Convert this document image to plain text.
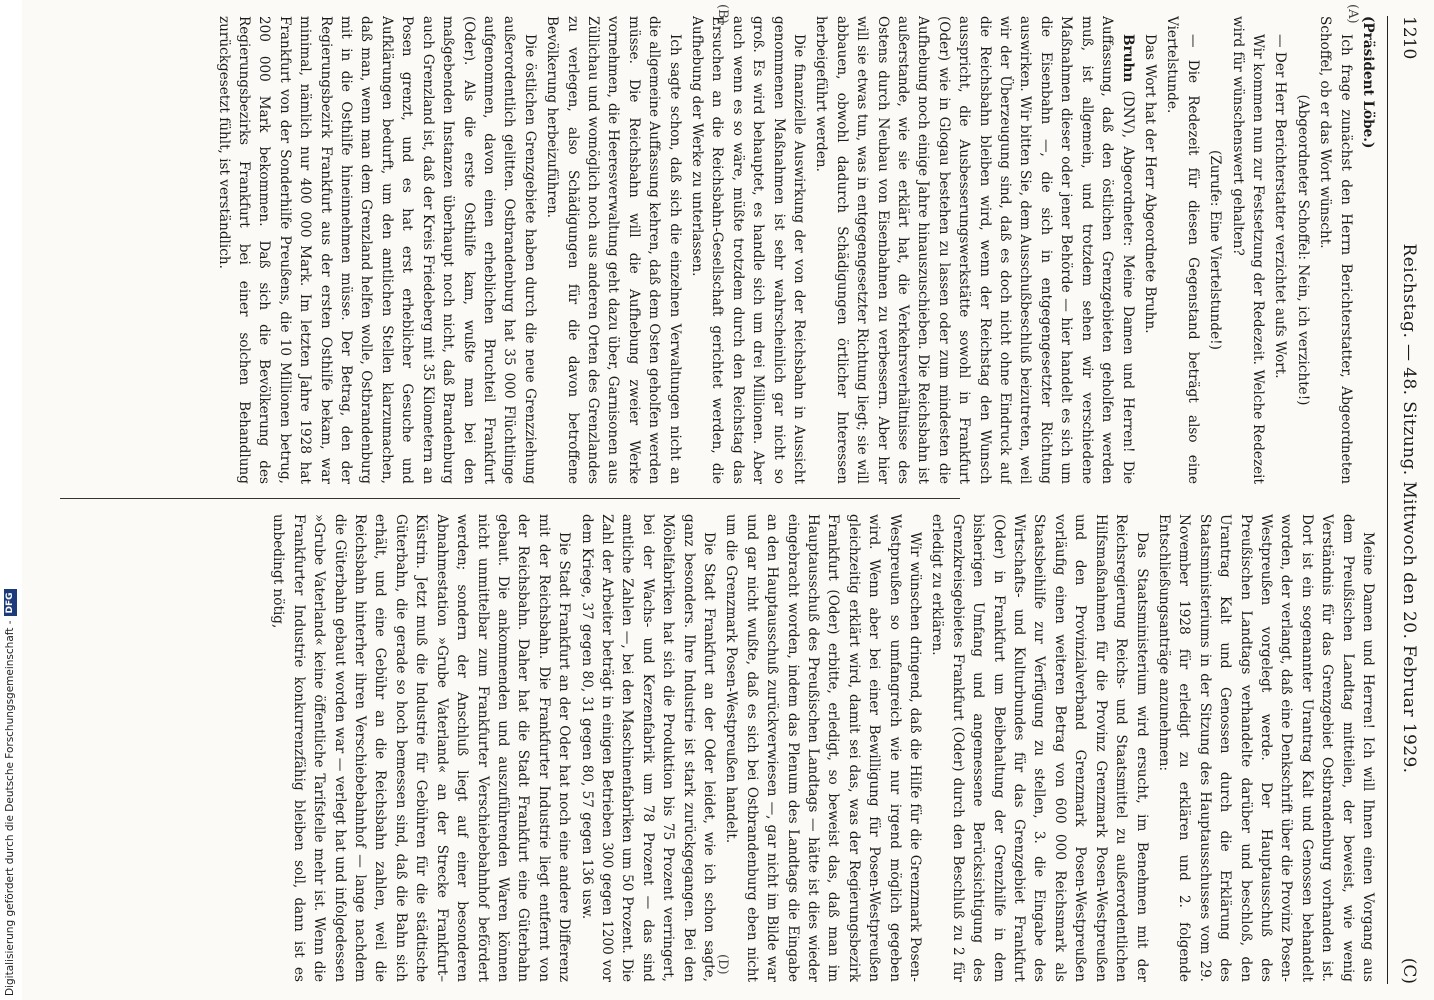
Digitalisierung gefördert durch die Deutsche Forschungsgemeinschaft -
DFG
1210
Reichstag. — 48. Sitzung. Mittwoch den 20. Februar 1929.
(C)
(A)
(B)
(D)

(Präsident Löbe.)

Ich frage zunächst den Herrn Berichterstatter, Abgeordneten Schoffel, ob er das Wort wünscht.

(Abgeordneter Schoffel: Nein, ich verzichte!)

— Der Herr Berichterstatter verzichtet aufs Wort.

Wir kommen nun zur Festsetzung der Redezeit. Welche Redezeit wird für wünschenswert gehalten?

(Zurufe: Eine Viertelstunde!)

— Die Redezeit für diesen Gegenstand beträgt also eine Viertelstunde.

Das Wort hat der Herr Abgeordnete Bruhn.

Bruhn (DNV), Abgeordneter: Meine Damen und Herren! Die Auffassung, daß den östlichen Grenzgebieten geholfen werden muß, ist allgemein, und trotzdem sehen wir verschiedene Maßnahmen dieser oder jener Behörde — hier handelt es sich um die Eisenbahn —, die sich in entgegengesetzter Richtung auswirken. Wir bitten Sie, dem Ausschußbeschluß beizutreten, weil wir der Überzeugung sind, daß es doch nicht ohne Eindruck auf die Reichsbahn bleiben wird, wenn der Reichstag den Wunsch ausspricht, die Ausbesserungswerkstätte sowohl in Frankfurt (Oder) wie in Glogau bestehen zu lassen oder zum mindesten die Aufhebung noch einige Jahre hinauszuschieben. Die Reichsbahn ist außerstande, wie sie erklärt hat, die Verkehrsverhältnisse des Ostens durch Neubau von Eisenbahnen zu verbessern. Aber hier will sie etwas tun, was in entgegengesetzter Richtung liegt; sie will abbauen, obwohl dadurch Schädigungen örtlicher Interessen herbeigeführt werden.

Die finanzielle Auswirkung der von der Reichsbahn in Aussicht genommenen Maßnahmen ist sehr wahrscheinlich gar nicht so groß. Es wird behauptet, es handle sich um drei Millionen. Aber auch wenn es so wäre, müßte trotzdem durch den Reichstag das Ersuchen an die Reichsbahn-Gesellschaft gerichtet werden, die Aufhebung der Werke zu unterlassen.

Ich sagte schon, daß sich die einzelnen Verwaltungen nicht an die allgemeine Auffassung kehren, daß dem Osten geholfen werden müsse. Die Reichsbahn will die Aufhebung zweier Werke vornehmen, die Heeresverwaltung geht dazu über, Garnisonen aus Züllichau und womöglich noch aus anderen Orten des Grenzlandes zu verlegen, also Schädigungen für die davon betroffene Bevölkerung herbeizuführen.

Die östlichen Grenzgebiete haben durch die neue Grenzziehung außerordentlich gelitten. Ostbrandenburg hat 35 000 Flüchtlinge aufgenommen, davon einen erheblichen Bruchteil Frankfurt (Oder). Als die erste Osthilfe kam, wußte man bei den maßgebenden Instanzen überhaupt noch nicht, daß Brandenburg auch Grenzland ist, daß der Kreis Friedeberg mit 35 Kilometern an Posen grenzt, und es hat erst erheblicher Gesuche und Aufklärungen bedurft, um den amtlichen Stellen klarzumachen, daß man, wenn man dem Grenzland helfen wolle, Ostbrandenburg mit in die Osthilfe hineinnehmen müsse. Der Betrag, den der Regierungsbezirk Frankfurt aus der ersten Osthilfe bekam, war minimal, nämlich nur 400 000 Mark. Im letzten Jahre 1928 hat Frankfurt von der Sonderhilfe Preußens, die 10 Millionen betrug, 200 000 Mark bekommen. Daß sich die Bevölkerung des Regierungsbezirks Frankfurt bei einer solchen Behandlung zurückgesetzt fühlt, ist verständlich.

Meine Damen und Herren! Ich will Ihnen einen Vorgang aus dem Preußischen Landtag mitteilen, der beweist, wie wenig Verständnis für das Grenzgebiet Ostbrandenburg vorhanden ist. Dort ist ein sogenannter Urantrag Kalt und Genossen behandelt worden, der verlangt, daß eine Denkschrift über die Provinz Posen-Westpreußen vorgelegt werde. Der Hauptausschuß des Preußischen Landtags verhandelte darüber und beschloß, den Urantrag Kalt und Genossen durch die Erklärung des Staatsministeriums in der Sitzung des Hauptausschusses vom 29. November 1928 für erledigt zu erklären und 2. folgende Entschließungsanträge anzunehmen:

Das Staatsministerium wird ersucht, im Benehmen mit der Reichsregierung Reichs- und Staatsmittel zu außerordentlichen Hilfsmaßnahmen für die Provinz Grenzmark Posen-Westpreußen und den Provinzialverband Grenzmark Posen-Westpreußen vorläufig einen weiteren Betrag von 600 000 Reichsmark als Staatsbeihilfe zur Verfügung zu stellen, 3. die Eingabe des Wirtschafts- und Kulturbundes für das Grenzgebiet Frankfurt (Oder) in Frankfurt um Beibehaltung der Grenzhilfe in dem bisherigen Umfang und angemessene Berücksichtigung des Grenzkreisgebietes Frankfurt (Oder) durch den Beschluß zu 2 für erledigt zu erklären.

Wir wünschen dringend, daß die Hilfe für die Grenzmark Posen-Westpreußen so umfangreich wie nur irgend möglich gegeben wird. Wenn aber bei einer Bewilligung für Posen-Westpreußen gleichzeitig erklärt wird, damit sei das, was der Regierungsbezirk Frankfurt (Oder) erbitte, erledigt, so beweist das, daß man im Hauptausschuß des Preußischen Landtags — hätte ist dies wieder eingebracht worden, indem das Plenum des Landtags die Eingabe an den Hauptausschuß zurückverwiesen —, gar nicht im Bilde war und gar nicht wußte, daß es sich bei Ostbrandenburg eben nicht um die Grenzmark Posen-Westpreußen handelt.

Die Stadt Frankfurt an der Oder leidet, wie ich schon sagte, ganz besonders. Ihre Industrie ist stark zurückgegangen. Bei den Möbelfabriken hat sich die Produktion bis 75 Prozent verringert, bei der Wachs- und Kerzenfabrik um 78 Prozent — das sind amtliche Zahlen —, bei den Maschinenfabriken um 50 Prozent. Die Zahl der Arbeiter beträgt in einigen Betrieben 300 gegen 1200 vor dem Kriege, 37 gegen 80, 31 gegen 80, 57 gegen 136 usw.

Die Stadt Frankfurt an der Oder hat noch eine andere Differenz mit der Reichsbahn. Die Frankfurter Industrie liegt entfernt von der Reichsbahn. Daher hat die Stadt Frankfurt eine Güterbahn gebaut. Die ankommenden und auszuführenden Waren können nicht unmittelbar zum Frankfurter Verschiebebahnhof befördert werden; sondern der Anschluß liegt auf einer besonderen Abnahmestation »Grube Vaterland« an der Strecke Frankfurt–Küstrin. Jetzt muß die Industrie für Gebühren für die städtische Güterbahn, die gerade so hoch bemessen sind, daß die Bahn sich erhält, und eine Gebühr an die Reichsbahn zahlen, weil die Reichsbahn hinterher ihren Verschiebebahnhof — lange nachdem die Güterbahn gebaut worden war — verlegt hat und infolgedessen »Grube Vaterland« keine öffentliche Tarifstelle mehr ist. Wenn die Frankfurter Industrie konkurrenzfähig bleiben soll, dann ist es unbedingt nötig,
